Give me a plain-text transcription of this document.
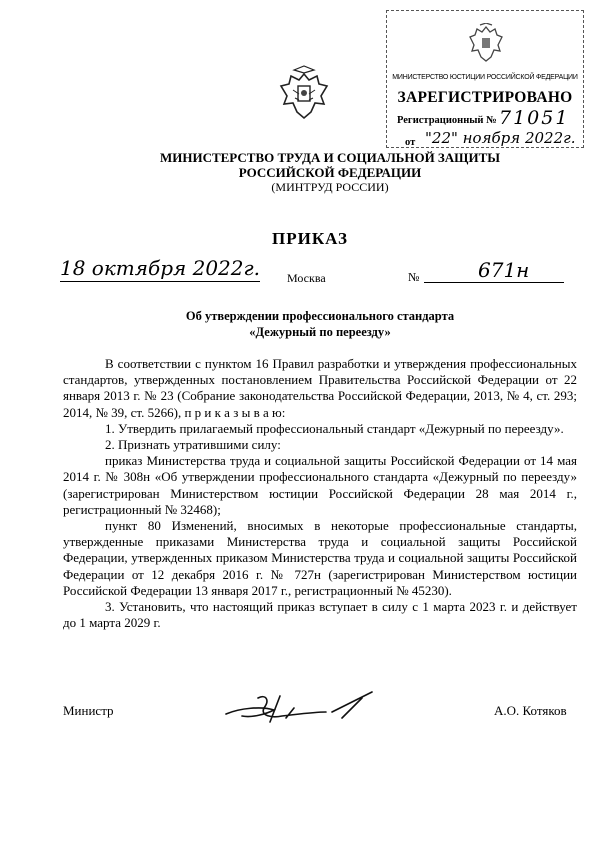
МИНИСТЕРСТВО ЮСТИЦИИ РОССИЙСКОЙ ФЕДЕРАЦИИ
ЗАРЕГИСТРИРОВАНО
Регистрационный № 71051
от "22" ноября 2022г.
МИНИСТЕРСТВО ТРУДА И СОЦИАЛЬНОЙ ЗАЩИТЫ
РОССИЙСКОЙ ФЕДЕРАЦИИ
(МИНТРУД РОССИИ)
ПРИКАЗ
18 октября 2022г. Москва	№	671н
Об утверждении профессионального стандарта
«Дежурный по переезду»

В соответствии с пунктом 16 Правил разработки и утверждения профессиональных стандартов, утвержденных постановлением Правительства Российской Федерации от 22 января 2013 г. № 23 (Собрание законодательства Российской Федерации, 2013, № 4, ст. 293; 2014, № 39, ст. 5266), п р и к а з ы в а ю:

1. Утвердить прилагаемый профессиональный стандарт «Дежурный по переезду».

2. Признать утратившими силу:

приказ Министерства труда и социальной защиты Российской Федерации от 14 мая 2014 г. № 308н «Об утверждении профессионального стандарта «Дежурный по переезду» (зарегистрирован Министерством юстиции Российской Федерации 28 мая 2014 г., регистрационный № 32468);

пункт 80 Изменений, вносимых в некоторые профессиональные стандарты, утвержденные приказами Министерства труда и социальной защиты Российской Федерации, утвержденных приказом Министерства труда и социальной защиты Российской Федерации от 12 декабря 2016 г. № 727н (зарегистрирован Министерством юстиции Российской Федерации 13 января 2017 г., регистрационный № 45230).

3. Установить, что настоящий приказ вступает в силу с 1 марта 2023 г. и действует до 1 марта 2029 г.

Министр	А.О. Котяков
